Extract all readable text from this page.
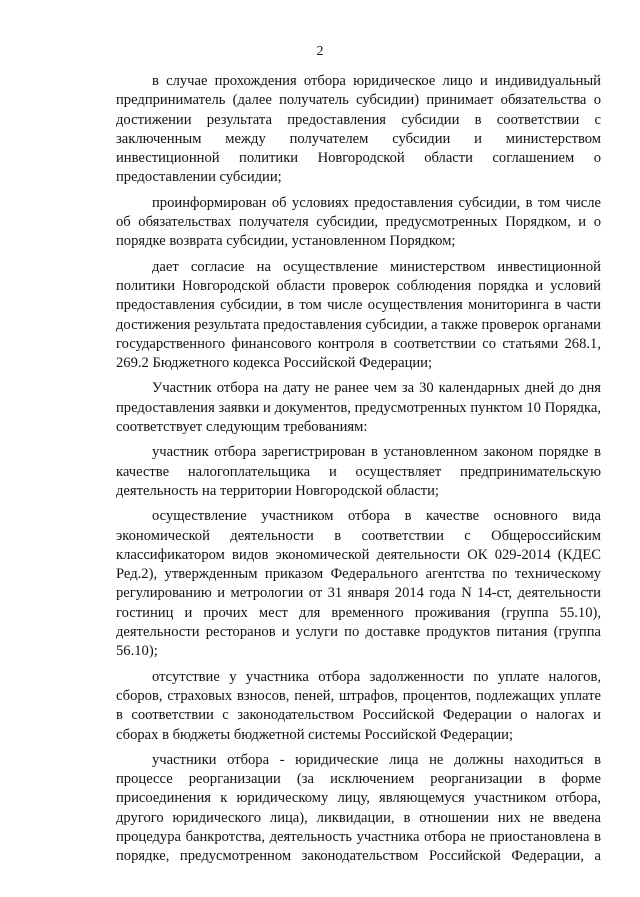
2
в случае прохождения отбора юридическое лицо и индивидуальный
предприниматель (далее получатель субсидии) принимает обязательства о
достижении результата предоставления субсидии в соответствии с
заключенным между получателем субсидии и министерством
инвестиционной политики Новгородской области соглашением о
предоставлении субсидии;
проинформирован об условиях предоставления субсидии, в том числе
об обязательствах получателя субсидии, предусмотренных Порядком, и о
порядке возврата субсидии, установленном Порядком;
дает согласие на осуществление министерством инвестиционной
политики Новгородской области проверок соблюдения порядка и условий
предоставления субсидии, в том числе осуществления мониторинга в части
достижения результата предоставления субсидии, а также проверок органами
государственного финансового контроля в соответствии со статьями 268.1,
269.2 Бюджетного кодекса Российской Федерации;
Участник отбора на дату не ранее чем за 30 календарных дней до дня
предоставления заявки и документов, предусмотренных пунктом 10 Порядка,
соответствует следующим требованиям:
участник отбора зарегистрирован в установленном законом порядке в
качестве налогоплательщика и осуществляет предпринимательскую
деятельность на территории Новгородской области;
осуществление участником отбора в качестве основного вида
экономической деятельности в соответствии с Общероссийским
классификатором видов экономической деятельности ОК 029-2014 (КДЕС
Ред.2), утвержденным приказом Федерального агентства по техническому
регулированию и метрологии от 31 января 2014 года N 14-ст, деятельности
гостиниц и прочих мест для временного проживания (группа 55.10),
деятельности ресторанов и услуги по доставке продуктов питания (группа
56.10);
отсутствие у участника отбора задолженности по уплате налогов,
сборов, страховых взносов, пеней, штрафов, процентов, подлежащих уплате
в соответствии с законодательством Российской Федерации о налогах и
сборах в бюджеты бюджетной системы Российской Федерации;
участники отбора - юридические лица не должны находиться в
процессе реорганизации (за исключением реорганизации в форме
присоединения к юридическому лицу, являющемуся участником отбора,
другого юридического лица), ликвидации, в отношении них не введена
процедура банкротства, деятельность участника отбора не приостановлена в
порядке, предусмотренном законодательством Российской Федерации, а
